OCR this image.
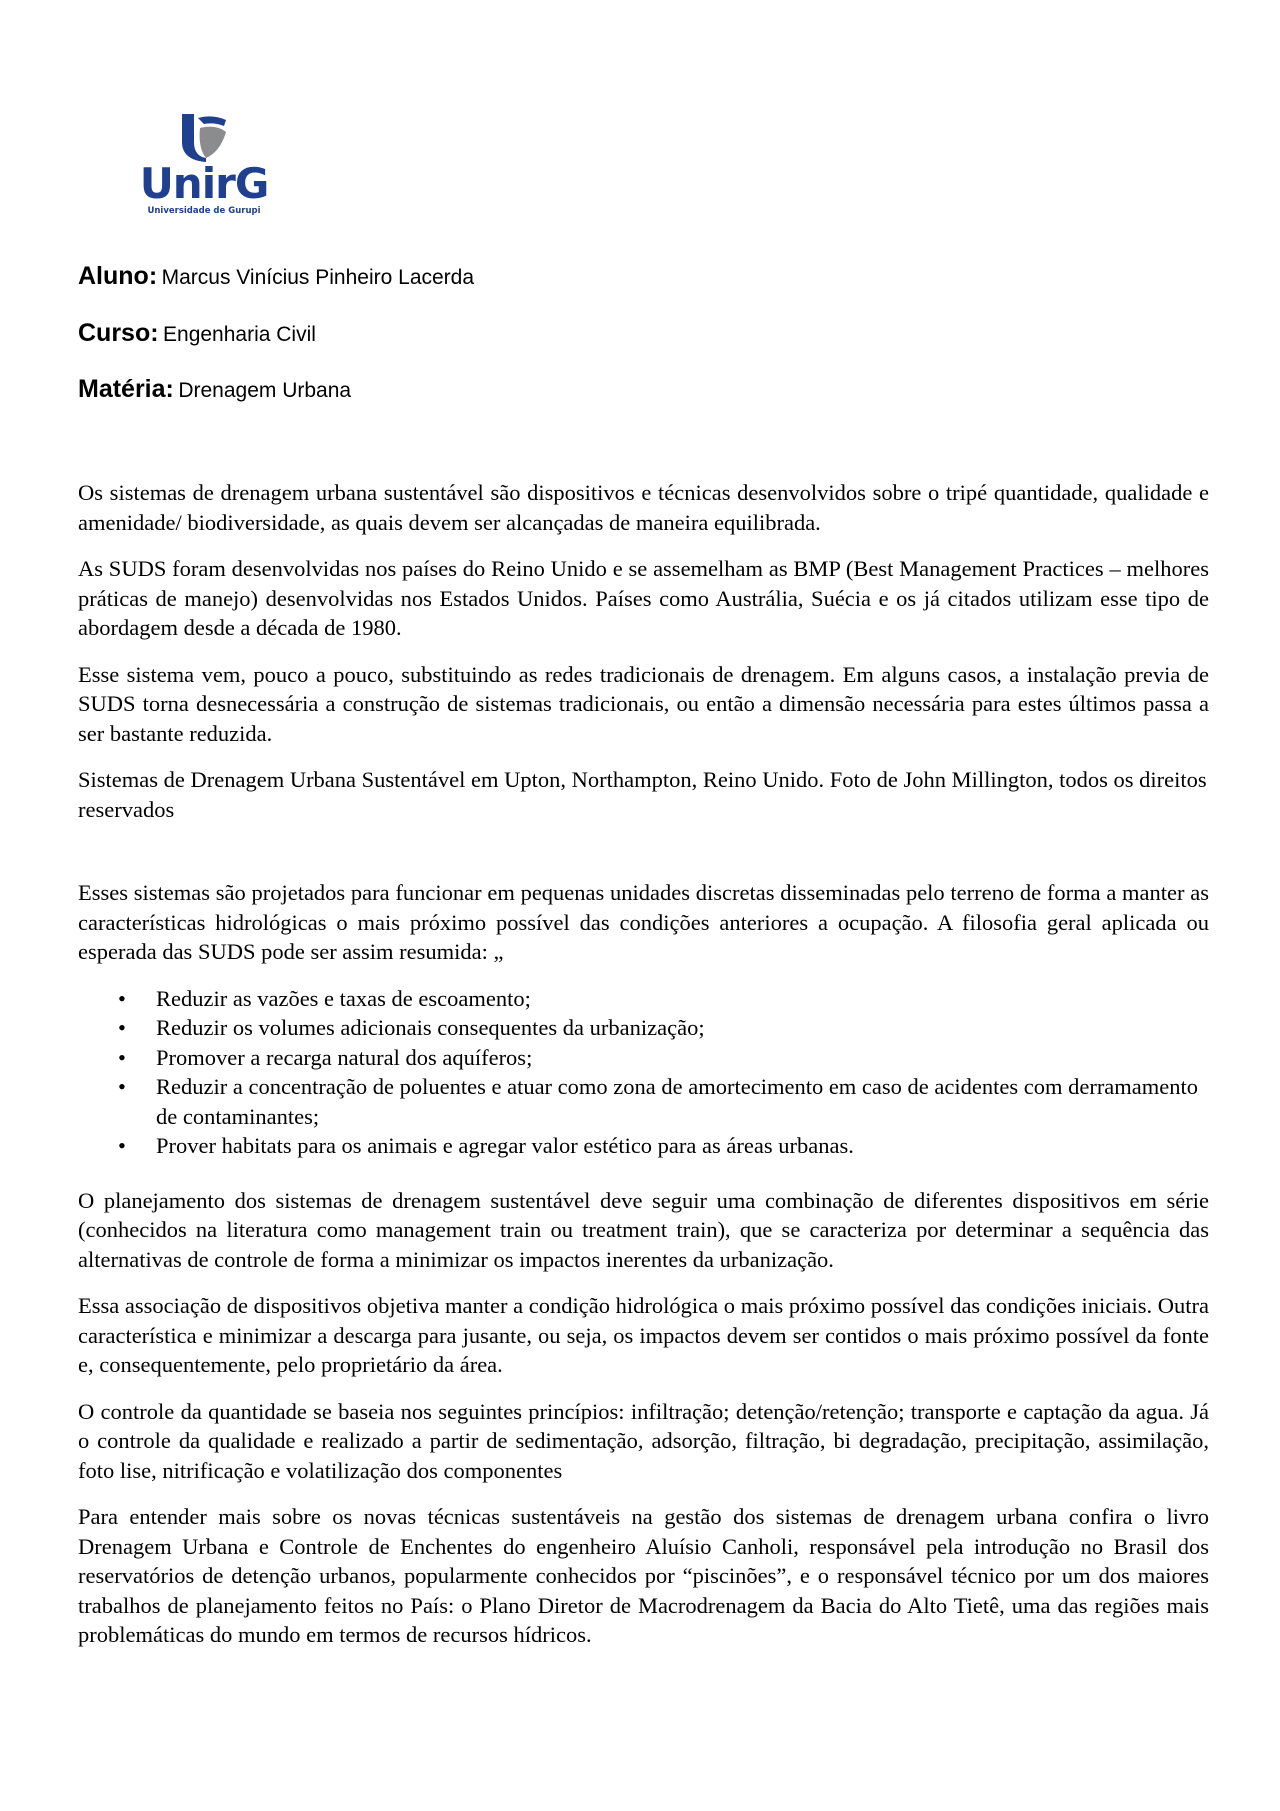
UnirG
Universidade de Gurupi
Aluno: Marcus Vinícius Pinheiro Lacerda
Curso: Engenharia Civil
Matéria: Drenagem Urbana

Os sistemas de drenagem urbana sustentável são dispositivos e técnicas desenvolvidos sobre o tripé quantidade, qualidade e amenidade/ biodiversidade, as quais devem ser alcançadas de maneira equilibrada.

As SUDS foram desenvolvidas nos países do Reino Unido e se assemelham as BMP (Best Management Practices – melhores práticas de manejo) desenvolvidas nos Estados Unidos. Países como Austrália, Suécia e os já citados utilizam esse tipo de abordagem desde a década de 1980.

Esse sistema vem, pouco a pouco, substituindo as redes tradicionais de drenagem. Em alguns casos, a instalação previa de SUDS torna desnecessária a construção de sistemas tradicionais, ou então a dimensão necessária para estes últimos passa a ser bastante reduzida.

Sistemas de Drenagem Urbana Sustentável em Upton, Northampton, Reino Unido. Foto de John Millington, todos os direitos reservados

Esses sistemas são projetados para funcionar em pequenas unidades discretas disseminadas pelo terreno de forma a manter as características hidrológicas o mais próximo possível das condições anteriores a ocupação. A filosofia geral aplicada ou esperada das SUDS pode ser assim resumida: „

• Reduzir as vazões e taxas de escoamento;
• Reduzir os volumes adicionais consequentes da urbanização;
• Promover a recarga natural dos aquíferos;
• Reduzir a concentração de poluentes e atuar como zona de amortecimento em caso de acidentes com derramamento de contaminantes;
• Prover habitats para os animais e agregar valor estético para as áreas urbanas.

O planejamento dos sistemas de drenagem sustentável deve seguir uma combinação de diferentes dispositivos em série (conhecidos na literatura como management train ou treatment train), que se caracteriza por determinar a sequência das alternativas de controle de forma a minimizar os impactos inerentes da urbanização.

Essa associação de dispositivos objetiva manter a condição hidrológica o mais próximo possível das condições iniciais. Outra característica e minimizar a descarga para jusante, ou seja, os impactos devem ser contidos o mais próximo possível da fonte e, consequentemente, pelo proprietário da área.

O controle da quantidade se baseia nos seguintes princípios: infiltração; detenção/retenção; transporte e captação da agua. Já o controle da qualidade e realizado a partir de sedimentação, adsorção, filtração, bi degradação, precipitação, assimilação, foto lise, nitrificação e volatilização dos componentes

Para entender mais sobre os novas técnicas sustentáveis na gestão dos sistemas de drenagem urbana confira o livro Drenagem Urbana e Controle de Enchentes do engenheiro Aluísio Canholi, responsável pela introdução no Brasil dos reservatórios de detenção urbanos, popularmente conhecidos por “piscinões”, e o responsável técnico por um dos maiores trabalhos de planejamento feitos no País: o Plano Diretor de Macrodrenagem da Bacia do Alto Tietê, uma das regiões mais problemáticas do mundo em termos de recursos hídricos.
